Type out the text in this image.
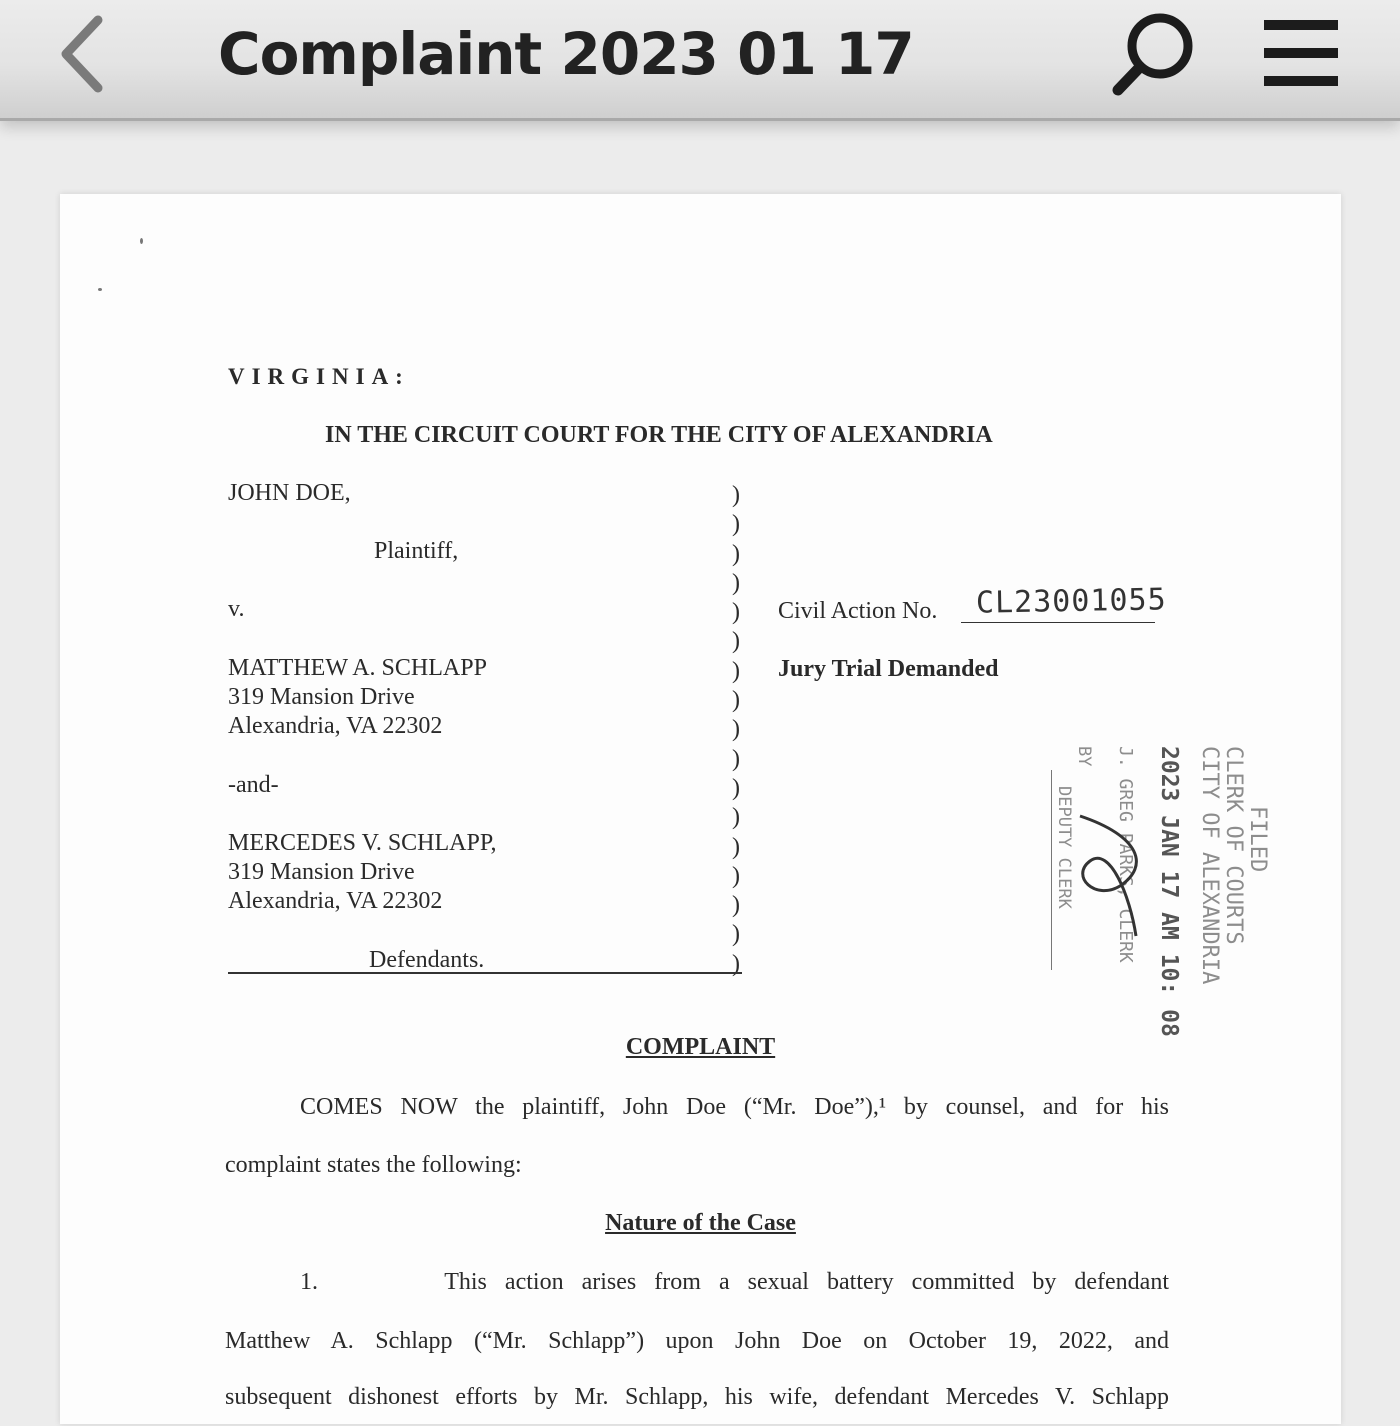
Complaint 2023 01 17
VIRGINIA:
IN THE CIRCUIT COURT FOR THE CITY OF ALEXANDRIA
JOHN DOE,
Plaintiff,
v.
MATTHEW A. SCHLAPP
319 Mansion Drive
Alexandria, VA 22302
-and-
MERCEDES V. SCHLAPP,
319 Mansion Drive
Alexandria, VA 22302
Defendants.
)
)
)
)
)
)
)
)
)
)
)
)
)
)
)
)
)
Civil Action No. CL23001055
Jury Trial Demanded
FILED
CLERK OF COURTS
CITY OF ALEXANDRIA
2023 JAN 17 AM 10: 08
J. GREG PARKS, CLERK
BY
DEPUTY CLERK
COMPLAINT
COMES NOW the plaintiff, John Doe (“Mr. Doe”),¹ by counsel, and for his
complaint states the following:
Nature of the Case
1.       This action arises from a sexual battery committed by defendant
Matthew A. Schlapp (“Mr. Schlapp”) upon John Doe on October 19, 2022, and
subsequent dishonest efforts by Mr. Schlapp, his wife, defendant Mercedes V. Schlapp
